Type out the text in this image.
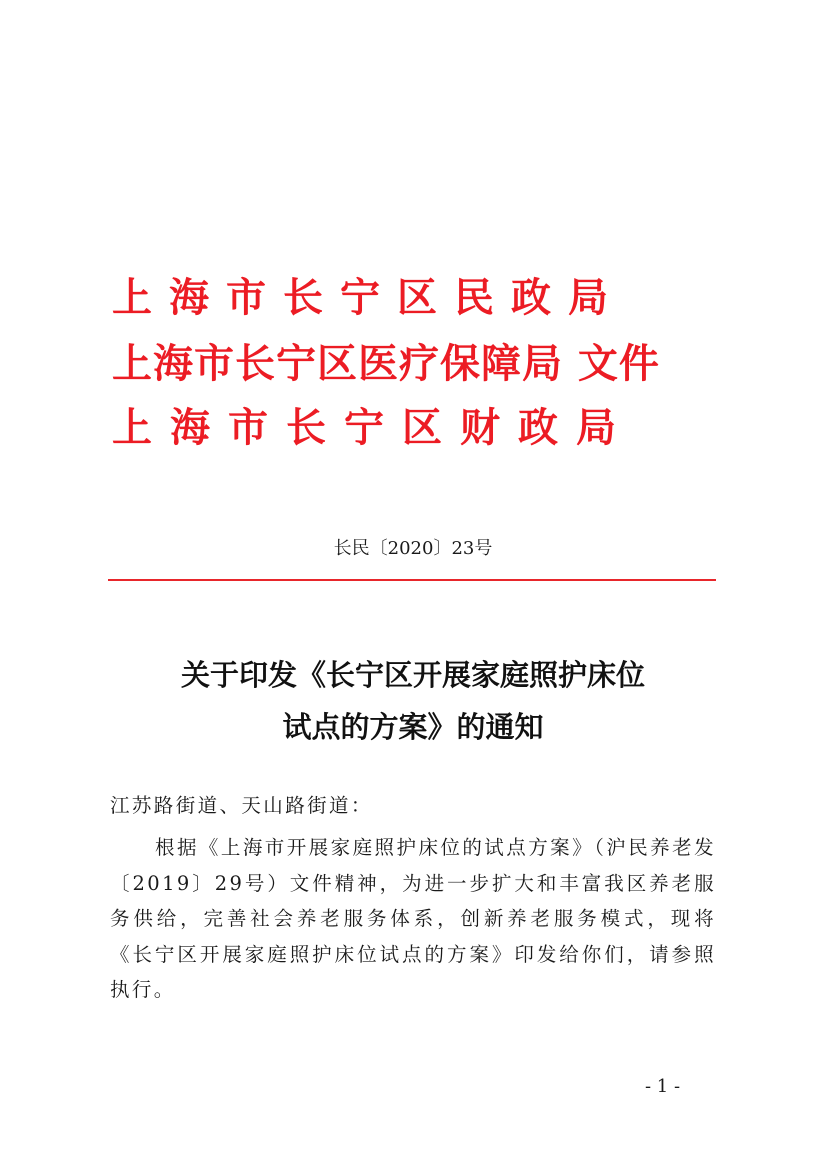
上海市长宁区民政局
上海市长宁区医疗保障局 文件
上海市长宁区财政局
长民〔2020〕23号
关于印发《长宁区开展家庭照护床位
试点的方案》的通知
江苏路街道、天山路街道：
根据《上海市开展家庭照护床位的试点方案》（沪民养老发〔2019〕29号）文件精神，为进一步扩大和丰富我区养老服务供给，完善社会养老服务体系，创新养老服务模式，现将《长宁区开展家庭照护床位试点的方案》印发给你们，请参照执行。
- 1 -
